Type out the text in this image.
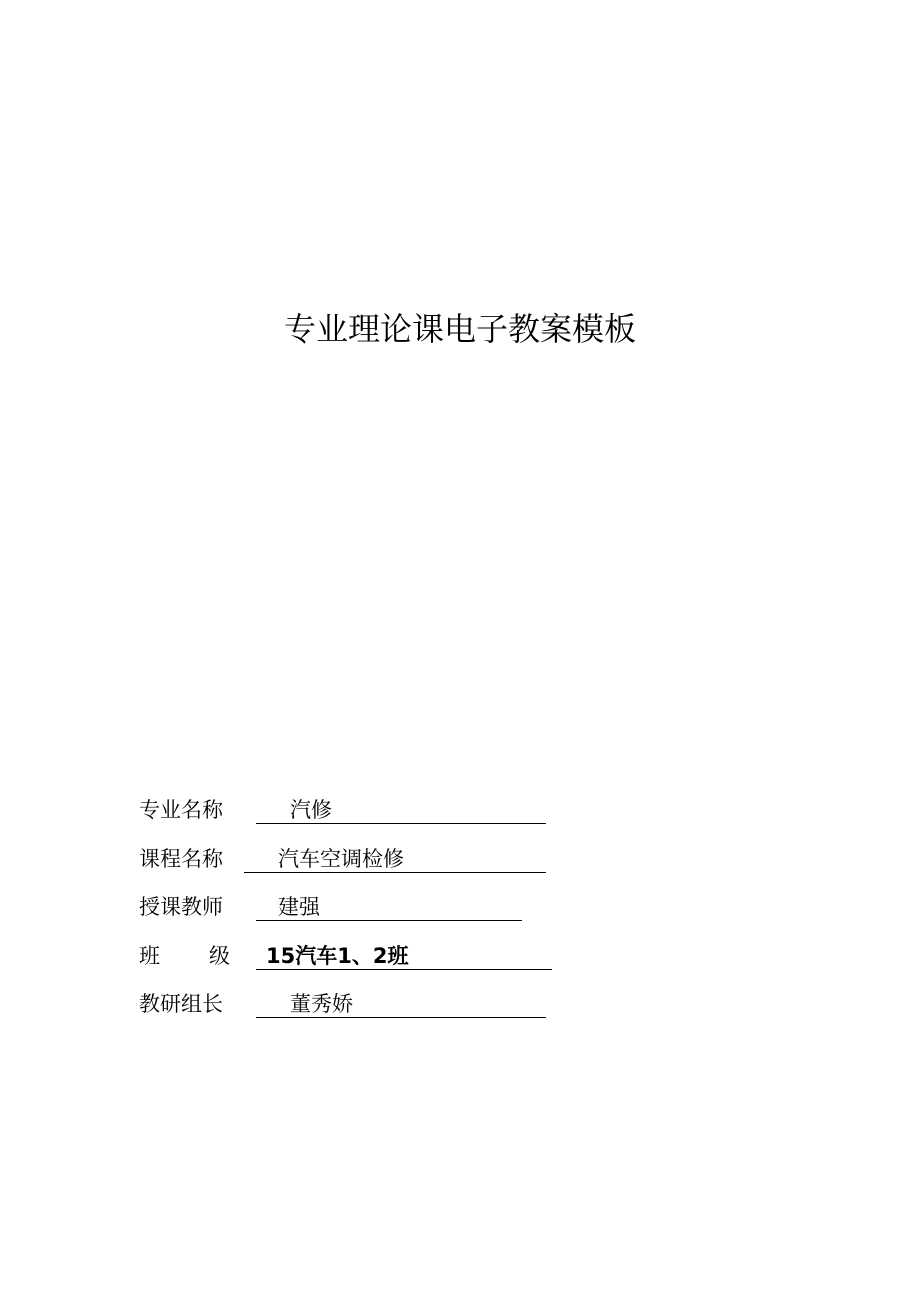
专业理论课电子教案模板
专业名称	汽修
课程名称	汽车空调检修
授课教师	建强
班 级 15汽车1、2班
教研组长	董秀娇
